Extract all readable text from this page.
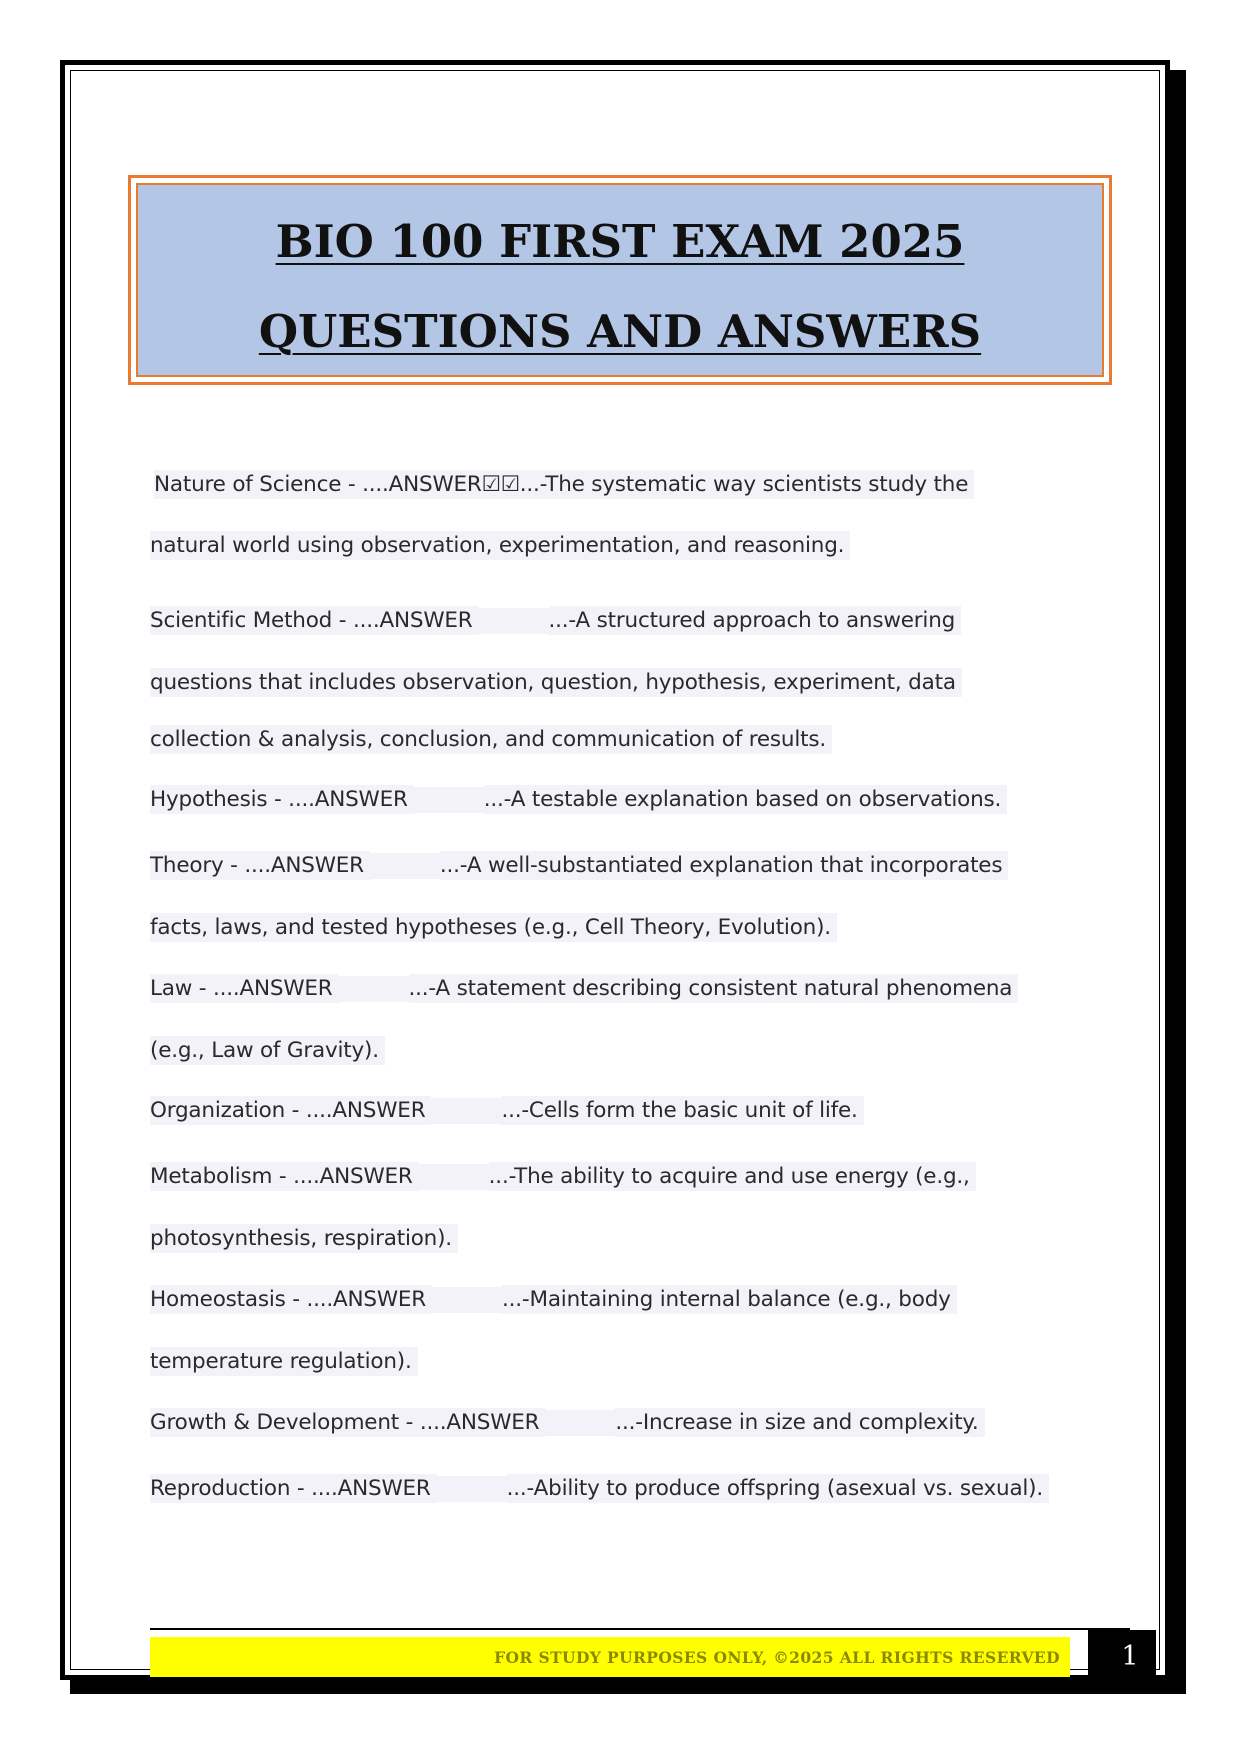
BIO 100 FIRST EXAM 2025
QUESTIONS AND ANSWERS
Nature of Science - ....ANSWER☑☑...-The systematic way scientists study the
natural world using observation, experimentation, and reasoning.
Scientific Method - ....ANSWER	...-A structured approach to answering
questions that includes observation, question, hypothesis, experiment, data
collection & analysis, conclusion, and communication of results.
Hypothesis - ....ANSWER	...-A testable explanation based on observations.
Theory - ....ANSWER	...-A well-substantiated explanation that incorporates
facts, laws, and tested hypotheses (e.g., Cell Theory, Evolution).
Law - ....ANSWER	...-A statement describing consistent natural phenomena
(e.g., Law of Gravity).
Organization - ....ANSWER	...-Cells form the basic unit of life.
Metabolism - ....ANSWER	...-The ability to acquire and use energy (e.g.,
photosynthesis, respiration).
Homeostasis - ....ANSWER	...-Maintaining internal balance (e.g., body
temperature regulation).
Growth & Development - ....ANSWER	...-Increase in size and complexity.
Reproduction - ....ANSWER	...-Ability to produce offspring (asexual vs. sexual).
FOR STUDY PURPOSES ONLY, ©2025 ALL RIGHTS RESERVED 1
